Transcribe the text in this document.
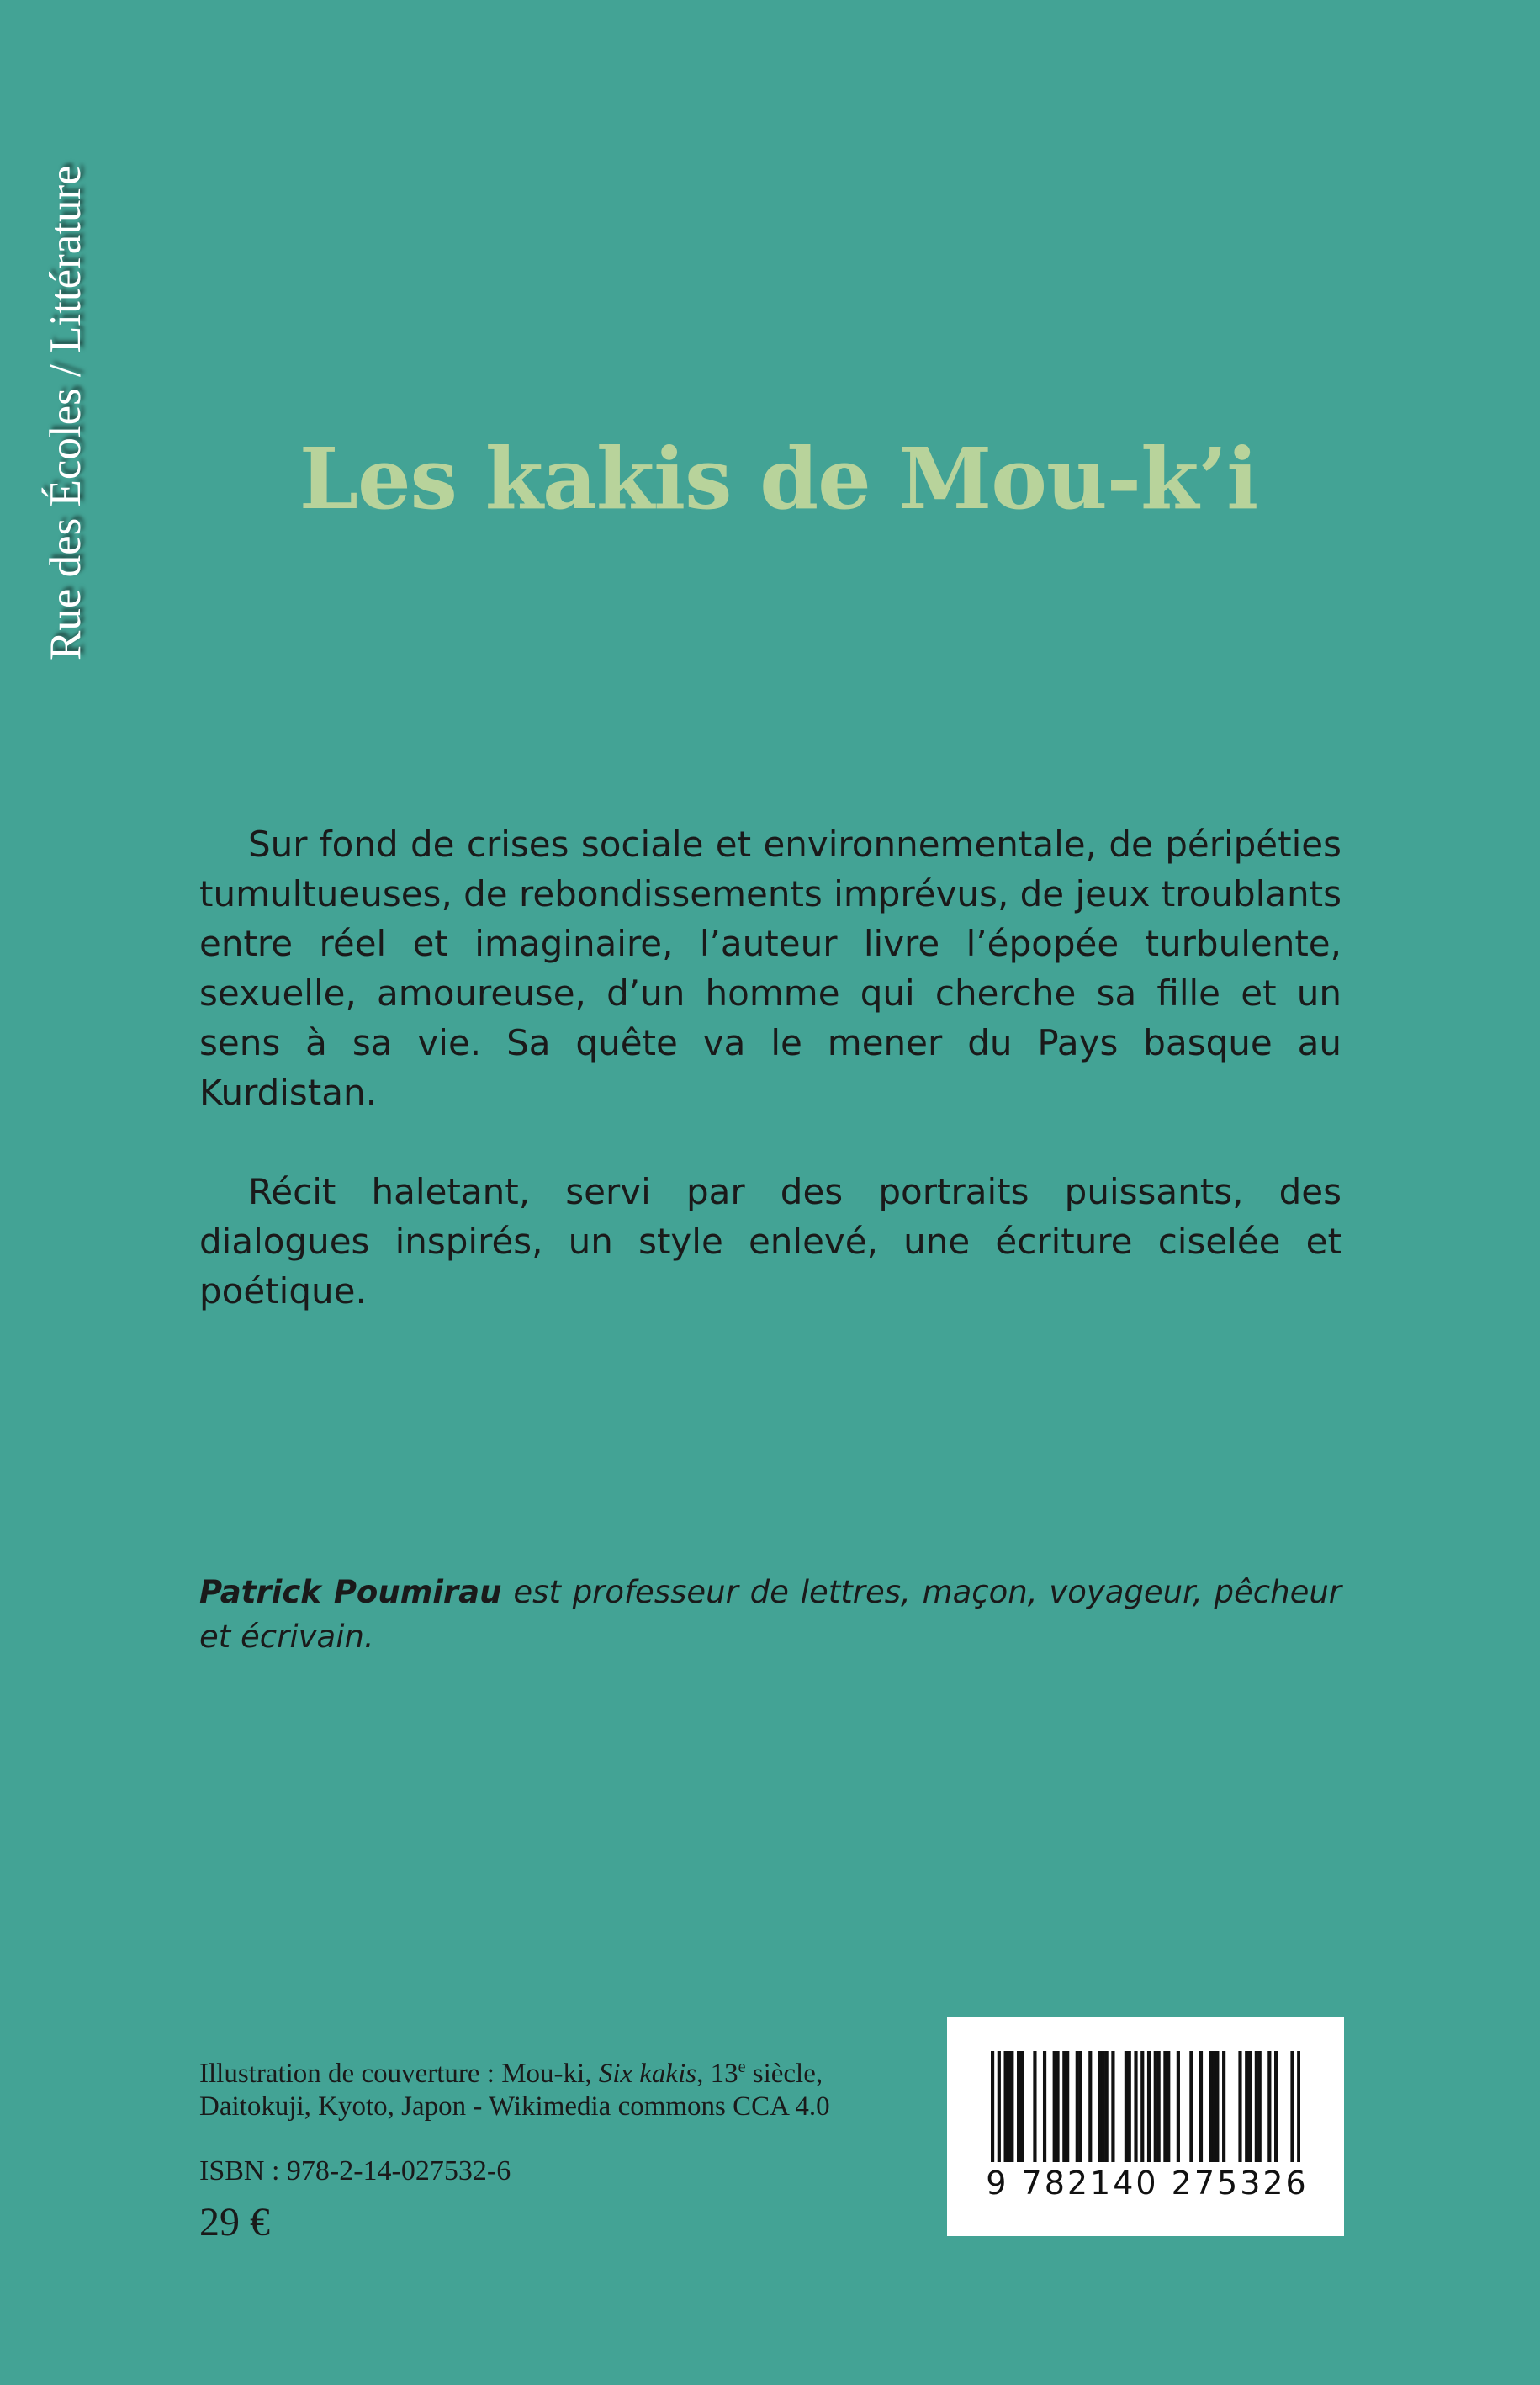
Rue des Écoles / Littérature	Les kakis de Mou-k’i

Sur fond de crises sociale et environnementale, de péripéties tumultueuses, de rebondissements imprévus, de jeux troublants entre réel et imaginaire, l’auteur livre l’épopée turbulente, sexuelle, amoureuse, d’un homme qui cherche sa fille et un sens à sa vie. Sa quête va le mener du Pays basque au Kurdistan.

Récit haletant, servi par des portraits puissants, des dialogues inspirés, un style enlevé, une écriture ciselée et poétique.

Patrick Poumirau est professeur de lettres, maçon, voyageur, pêcheur et écrivain.
Illustration de couverture : Mou-ki, Six kakis, 13e siècle,
Daitokuji, Kyoto, Japon - Wikimedia commons CCA 4.0
ISBN : 978-2-14-027532-6
29 €
9 782140 275326
